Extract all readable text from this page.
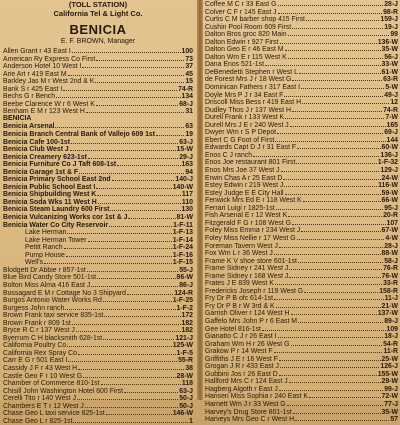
(TOLL STATION)
California Tel & Light Co.
BENICIA
E. F. BROWN, Manager
Allen Grant r 43 East I	100
American Ry Express Co First	73
Anderson Hotel 10 West I	37
Arie Art r 419 East M	45
Barkley Jas M r West 2nd & K	15
Bank S r 425 East I	74-R
Bechs G r Bench	134
Beebe Clarence W r 6 West K	68-J
Benham E M r 123 West H	31
BENICIA
Benicia Arsenal	63
Benicia Branch Central Bank of Vallejo 609 1st	19
Benicia Cafe 100-1st	63-J
Benicia Club West J	15-W
Benicia Creamery 623-1st	29-J
Benicia Furniture Co J Taft 608-1st	163
Benicia Garage 1st & F	94
Benicia Primary School East 2nd	140-J
Benicia Public School East I	140-W
Benicia Shipbuilding West K	117
Benicia Soda Wks 11 West H	110
Benicia Steam Laundry 600 First	130
Benicia Vulcanizing Works cor 1st & J	81-W
Benicia Water Co City Reservoir	1-F-11
Lake Herman	1-F-13
Lake Herman Tower	1-F-14
Pettit Ranch	1-F-24
Pump House	1-F-16
Well's	1-F-15
Blodgett Dr Abbie r 857-1st	55-J
Blue Bird Candy Store 501-1st	86-W
Bolton Miss Alma 416 East J	86-J
Bossagard E M r Cottage No 3 Shipyard	124-R
Burgos Antonio Water Works Rd	1-F-25
Burgess John ranch	1-F-2
Brown Frank taxi service 835-1st	172
Brown Frank r 809 1st	182
Bryce R C r 137 West J	182
Byerrum C H blacksmith 628-1st	121-J
California Poultry Co	125-W
California Rex Spray Co	1-F-5
Carr E G r 501 East I	55-R
Cassidy J F r 43 West H	38
Castle Geo F r 10 West G	28-W
Chamber of Commerce 810-1st	118
Chisill John Washington Hotel 600 First	63-J
Cerelli Tito r 140 West J	50-J
Chambers E T r 12 West J	50-J
Chase Geo L taxi service 825-1st	146-W
Chase Geo L r 825-1st	1
Coffee M C r 33 East G	28-J
Colver C F r 145 East J	98-R
Curtis C M barber shop 415 First	159-J
Cushin Pool Room 609 First	19-J
Dalton Bros groc 820 Main	99
Dalton Edwin r 927 First	136-W
Dalton Geo E r 46 East M	35-W
Dalton Wm E r 115 West K	56-J
Dana Enos 521-1st	33-W
DeBenedetti Stephen r West L	61-W
de Forest Mrs J r 18 West G	63-R
Dominican Fathers r 317 East I	5-W
Doyle Mrs P J r 34 East F	49-J
Driscoll Miss Bess r 419 East H	12
Dudley Thos J r 137 West H	74-R
Durell Frank r 133 West K	7-W
Durell Mrs J E r 240 West J	165
Dwyer Wm r S P Depot	69-J
Ebert C G Foot of First	144
Edwards Capt D J r 31 East F	60-W
Enos C J ranch	136-J
Enos Joe restaurant 801 First	1-F-32
Enos Mrs Joe 37 West J	129-J
Erwin Chas A r 25 East D	24-W
Estey Edwin r 219 West J	116-W
Estey Judge E E City Hall	59-W
Fenwick Mrs Ed E r 118 West K	66-W
Ferrari Luigi r 1825-1st	95-J
Fish Arsenal E r 12 West K	20-R
Fitzgerald F G r 108 West G	107
Foley Miss Emma r 234 West J	67-W
Foley Miss Nellie r 17 West G	4-W
Foreman Tavern West J	28-J
Fox Wm L r 36 West J	88-W
Frame K V shoe store 601-1st	58-J
Frame Sidney r 241 West J	76-R
Frame Sidney r 168 West J	76-W
Frates J E 839 West K	33-R
Fredericks Joseph r 119 West G	158-R
Fry Dr P B ofc 614-1st	11-J
Fry Dr P B r W 3rd & K	21-W
Garrish Oliver r 124 West H	137-W
Gaffelo Mrs John P r 6 East M	89-J
Gee Hotel 816-1st	109
Gianatto C J r 26 East I	18-J
Graham Wm H r 26 West G	54-R
Grakow P r 14 West F	11-R
Griffiths J E r 16 West F	25-W
Grogan J R r 433 East J	126-J
Gubbini Jos r 26 East D	155-W
Hallford Mrs C r 124 East J	29-W
Hagberg Algoth r East J	99-J
Hansen Miss Sophia r 240 East K	72-W
Harnett Wm J r 33 West G	77-J
Harvey's Drug Store 801-1st	35-W
Harveys Mrs Geo C r West H	57
